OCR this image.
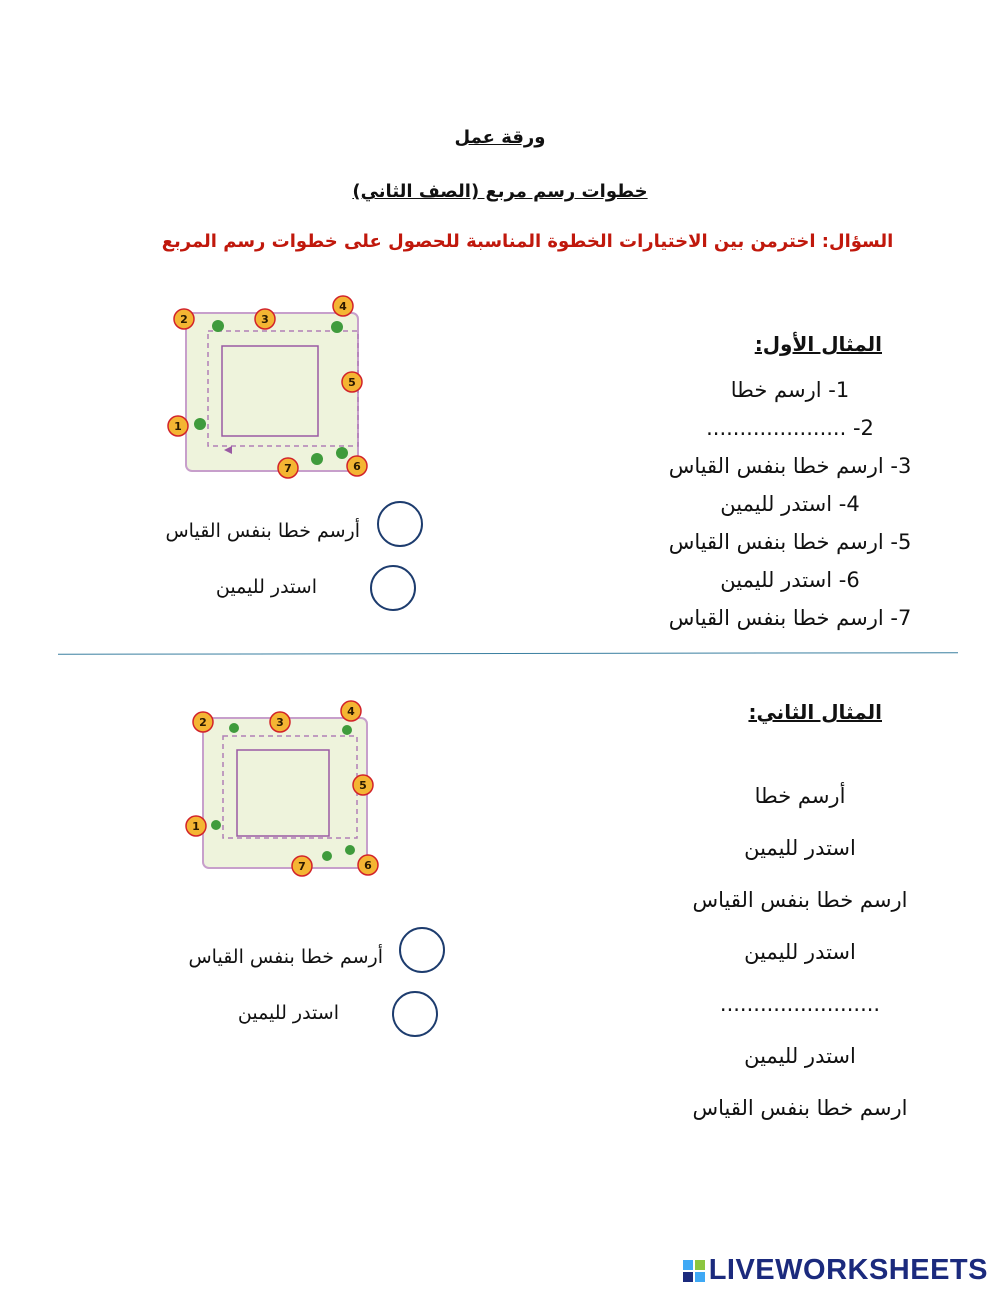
ورقة عمل
خطوات رسم مربع (الصف الثاني)
السؤال: اخترمن بين الاختيارات الخطوة المناسبة للحصول على خطوات رسم المربع
المثال الأول:
1- ارسم خطا
2- .....................
3- ارسم خطا بنفس القياس
4- استدر لليمين
5- ارسم خطا بنفس القياس
6- استدر لليمين
7- ارسم خطا بنفس القياس
1
2	3
4
5
6
7
أرسم خطا بنفس القياس
استدر لليمين
المثال الثاني:
أرسم خطا
استدر لليمين
ارسم خطا بنفس القياس
استدر لليمين
........................
استدر لليمين
ارسم خطا بنفس القياس
1
2	3
4
5
6
7
أرسم خطا بنفس القياس
استدر لليمين
LIVEWORKSHEETS
